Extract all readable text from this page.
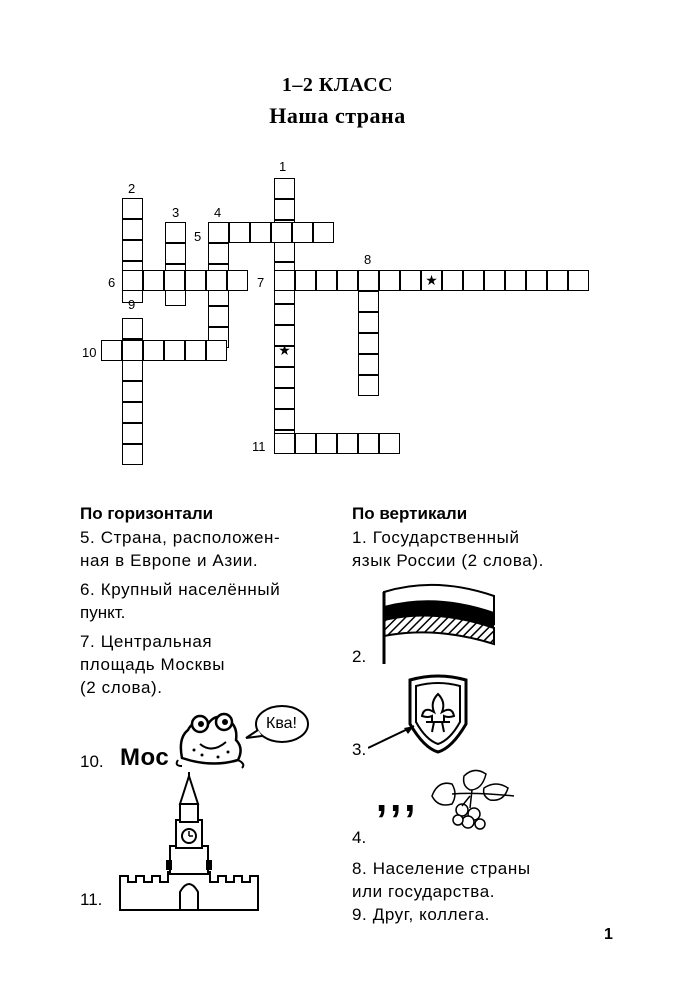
1–2 КЛАСС
Наша страна
★
★
1
2
3	4
5
6	7
8
9
10
11
По горизонтали
5. Страна, расположен-
ная в Европе и Азии.
6. Крупный населённый
пункт.
7. Центральная
площадь Москвы
(2 слова).
10. Мос
Ква!
11.
По вертикали
1. Государственный
язык России (2 слова).
2.
3.
,,,
4.
8. Население страны
или государства.
9. Друг, коллега.
1
